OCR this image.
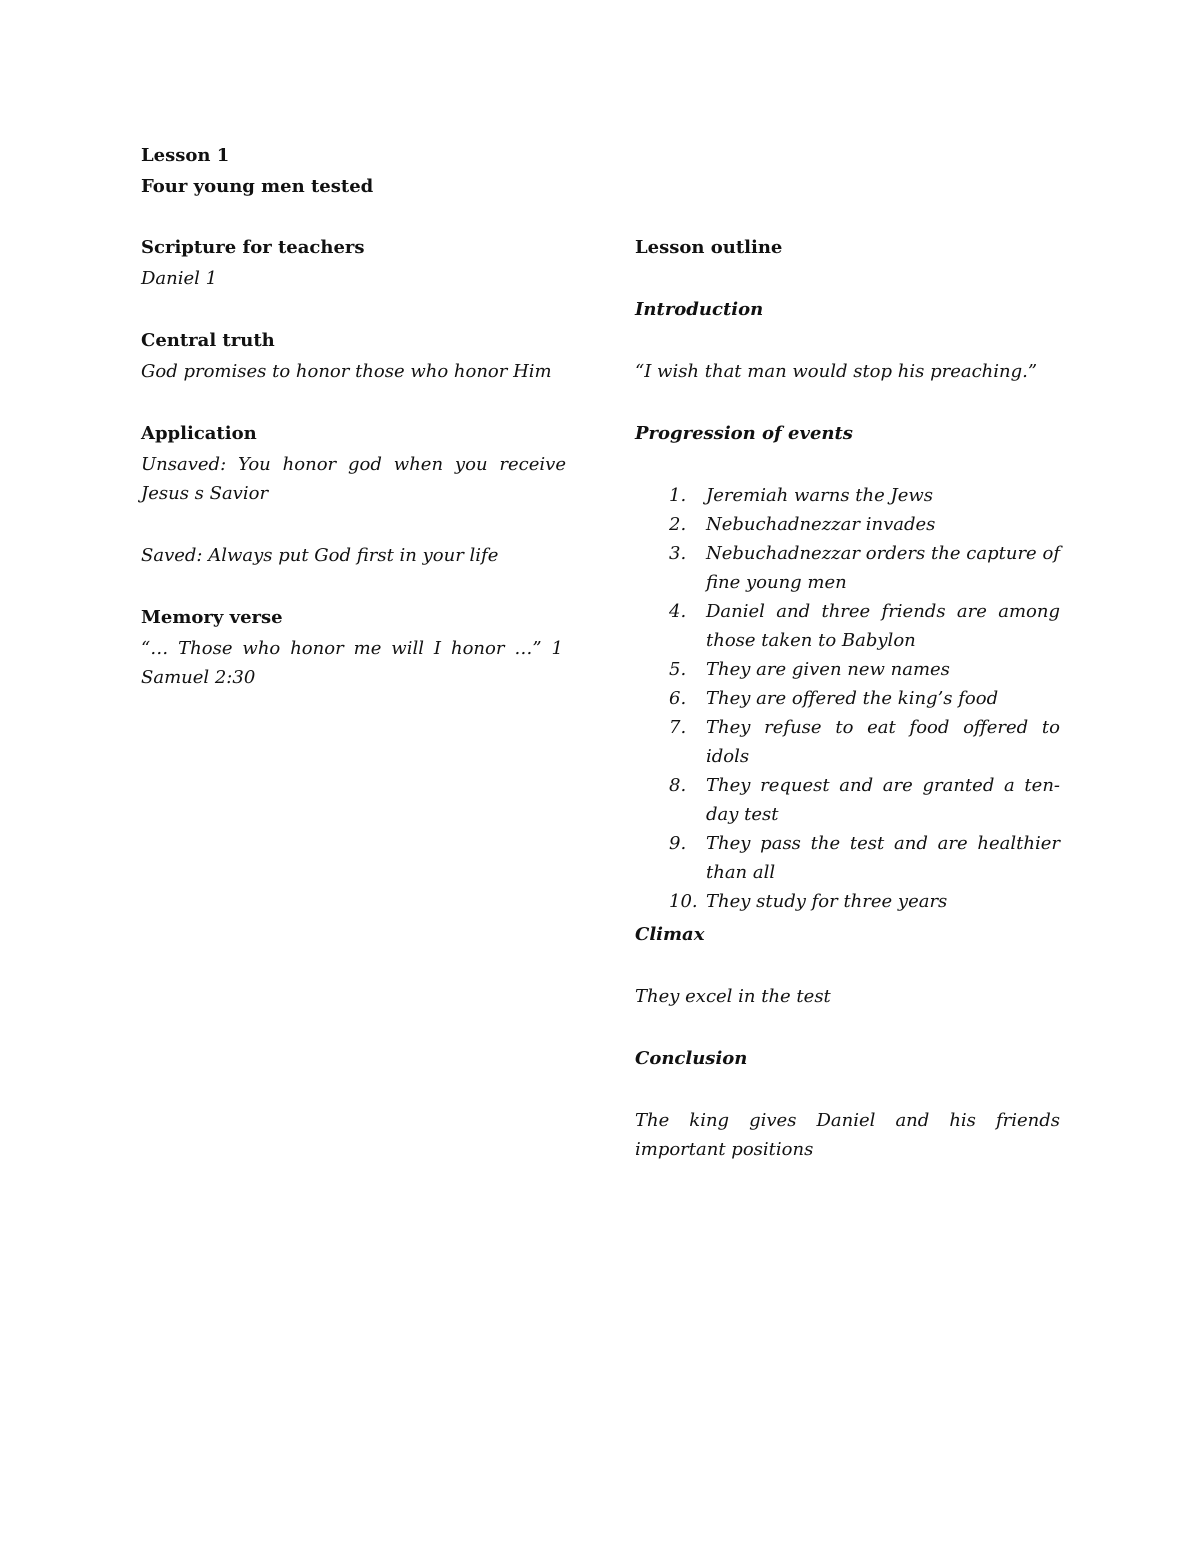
Lesson 1
Four young men tested
Scripture for teachers
Daniel 1
Central truth
God promises to honor those who honor Him
Application
Unsaved: You honor god when you receive Jesus s Savior
Saved: Always put God first in your life
Memory verse
“… Those who honor me will I honor …” 1 Samuel 2:30
Lesson outline
Introduction
“I wish that man would stop his preaching.”
Progression of events
1. Jeremiah warns the Jews
2. Nebuchadnezzar invades
3. Nebuchadnezzar orders the capture of fine young men
4. Daniel and three friends are among those taken to Babylon
5. They are given new names
6. They are offered the king’s food
7. They refuse to eat food offered to idols
8. They request and are granted a ten-day test
9. They pass the test and are healthier than all
10. They study for three years
Climax
They excel in the test
Conclusion
The king gives Daniel and his friends important positions
